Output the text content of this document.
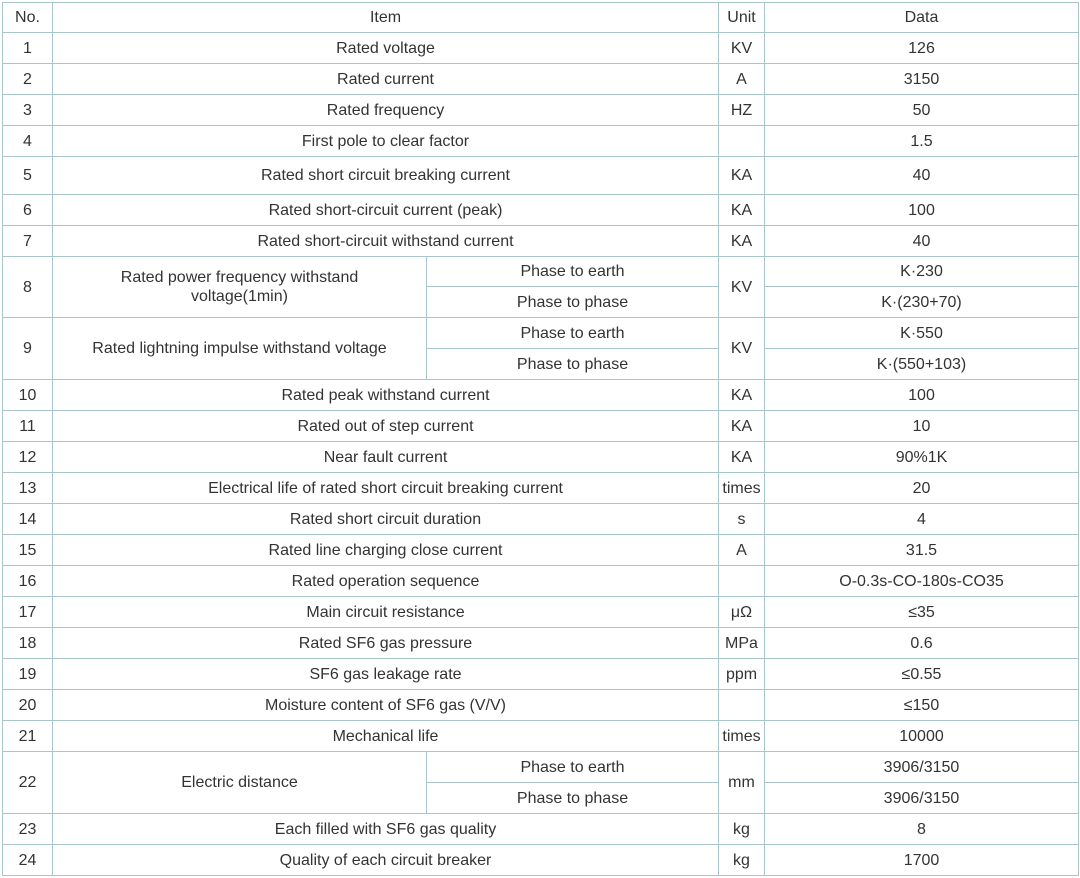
No.	Item		Unit	Data
1	Rated voltage		KV	126
2	Rated current		A	3150
3	Rated frequency		HZ	50
4	First pole to clear factor			1.5
5	Rated short circuit breaking current		KA	40
6	Rated short-circuit current (peak)		KA	100
7	Rated short-circuit withstand current		KA	40
8	Rated power frequency withstand voltage(1min)	Phase to earth	KV	K·230
		Phase to phase		K·(230+70)
9	Rated lightning impulse withstand voltage	Phase to earth	KV	K·550
		Phase to phase		K·(550+103)
10	Rated peak withstand current		KA	100
11	Rated out of step current		KA	10
12	Near fault current		KA	90%1K
13	Electrical life of rated short circuit breaking current		times	20
14	Rated short circuit duration		s	4
15	Rated line charging close current		A	31.5
16	Rated operation sequence			O-0.3s-CO-180s-CO35
17	Main circuit resistance		μΩ	≤35
18	Rated SF6 gas pressure		MPa	0.6
19	SF6 gas leakage rate		ppm	≤0.55
20	Moisture content of SF6 gas (V/V)			≤150
21	Mechanical life		times	10000
22	Electric distance	Phase to earth	mm	3906/3150
		Phase to phase		3906/3150
23	Each filled with SF6 gas quality		kg	8
24	Quality of each circuit breaker		kg	1700
